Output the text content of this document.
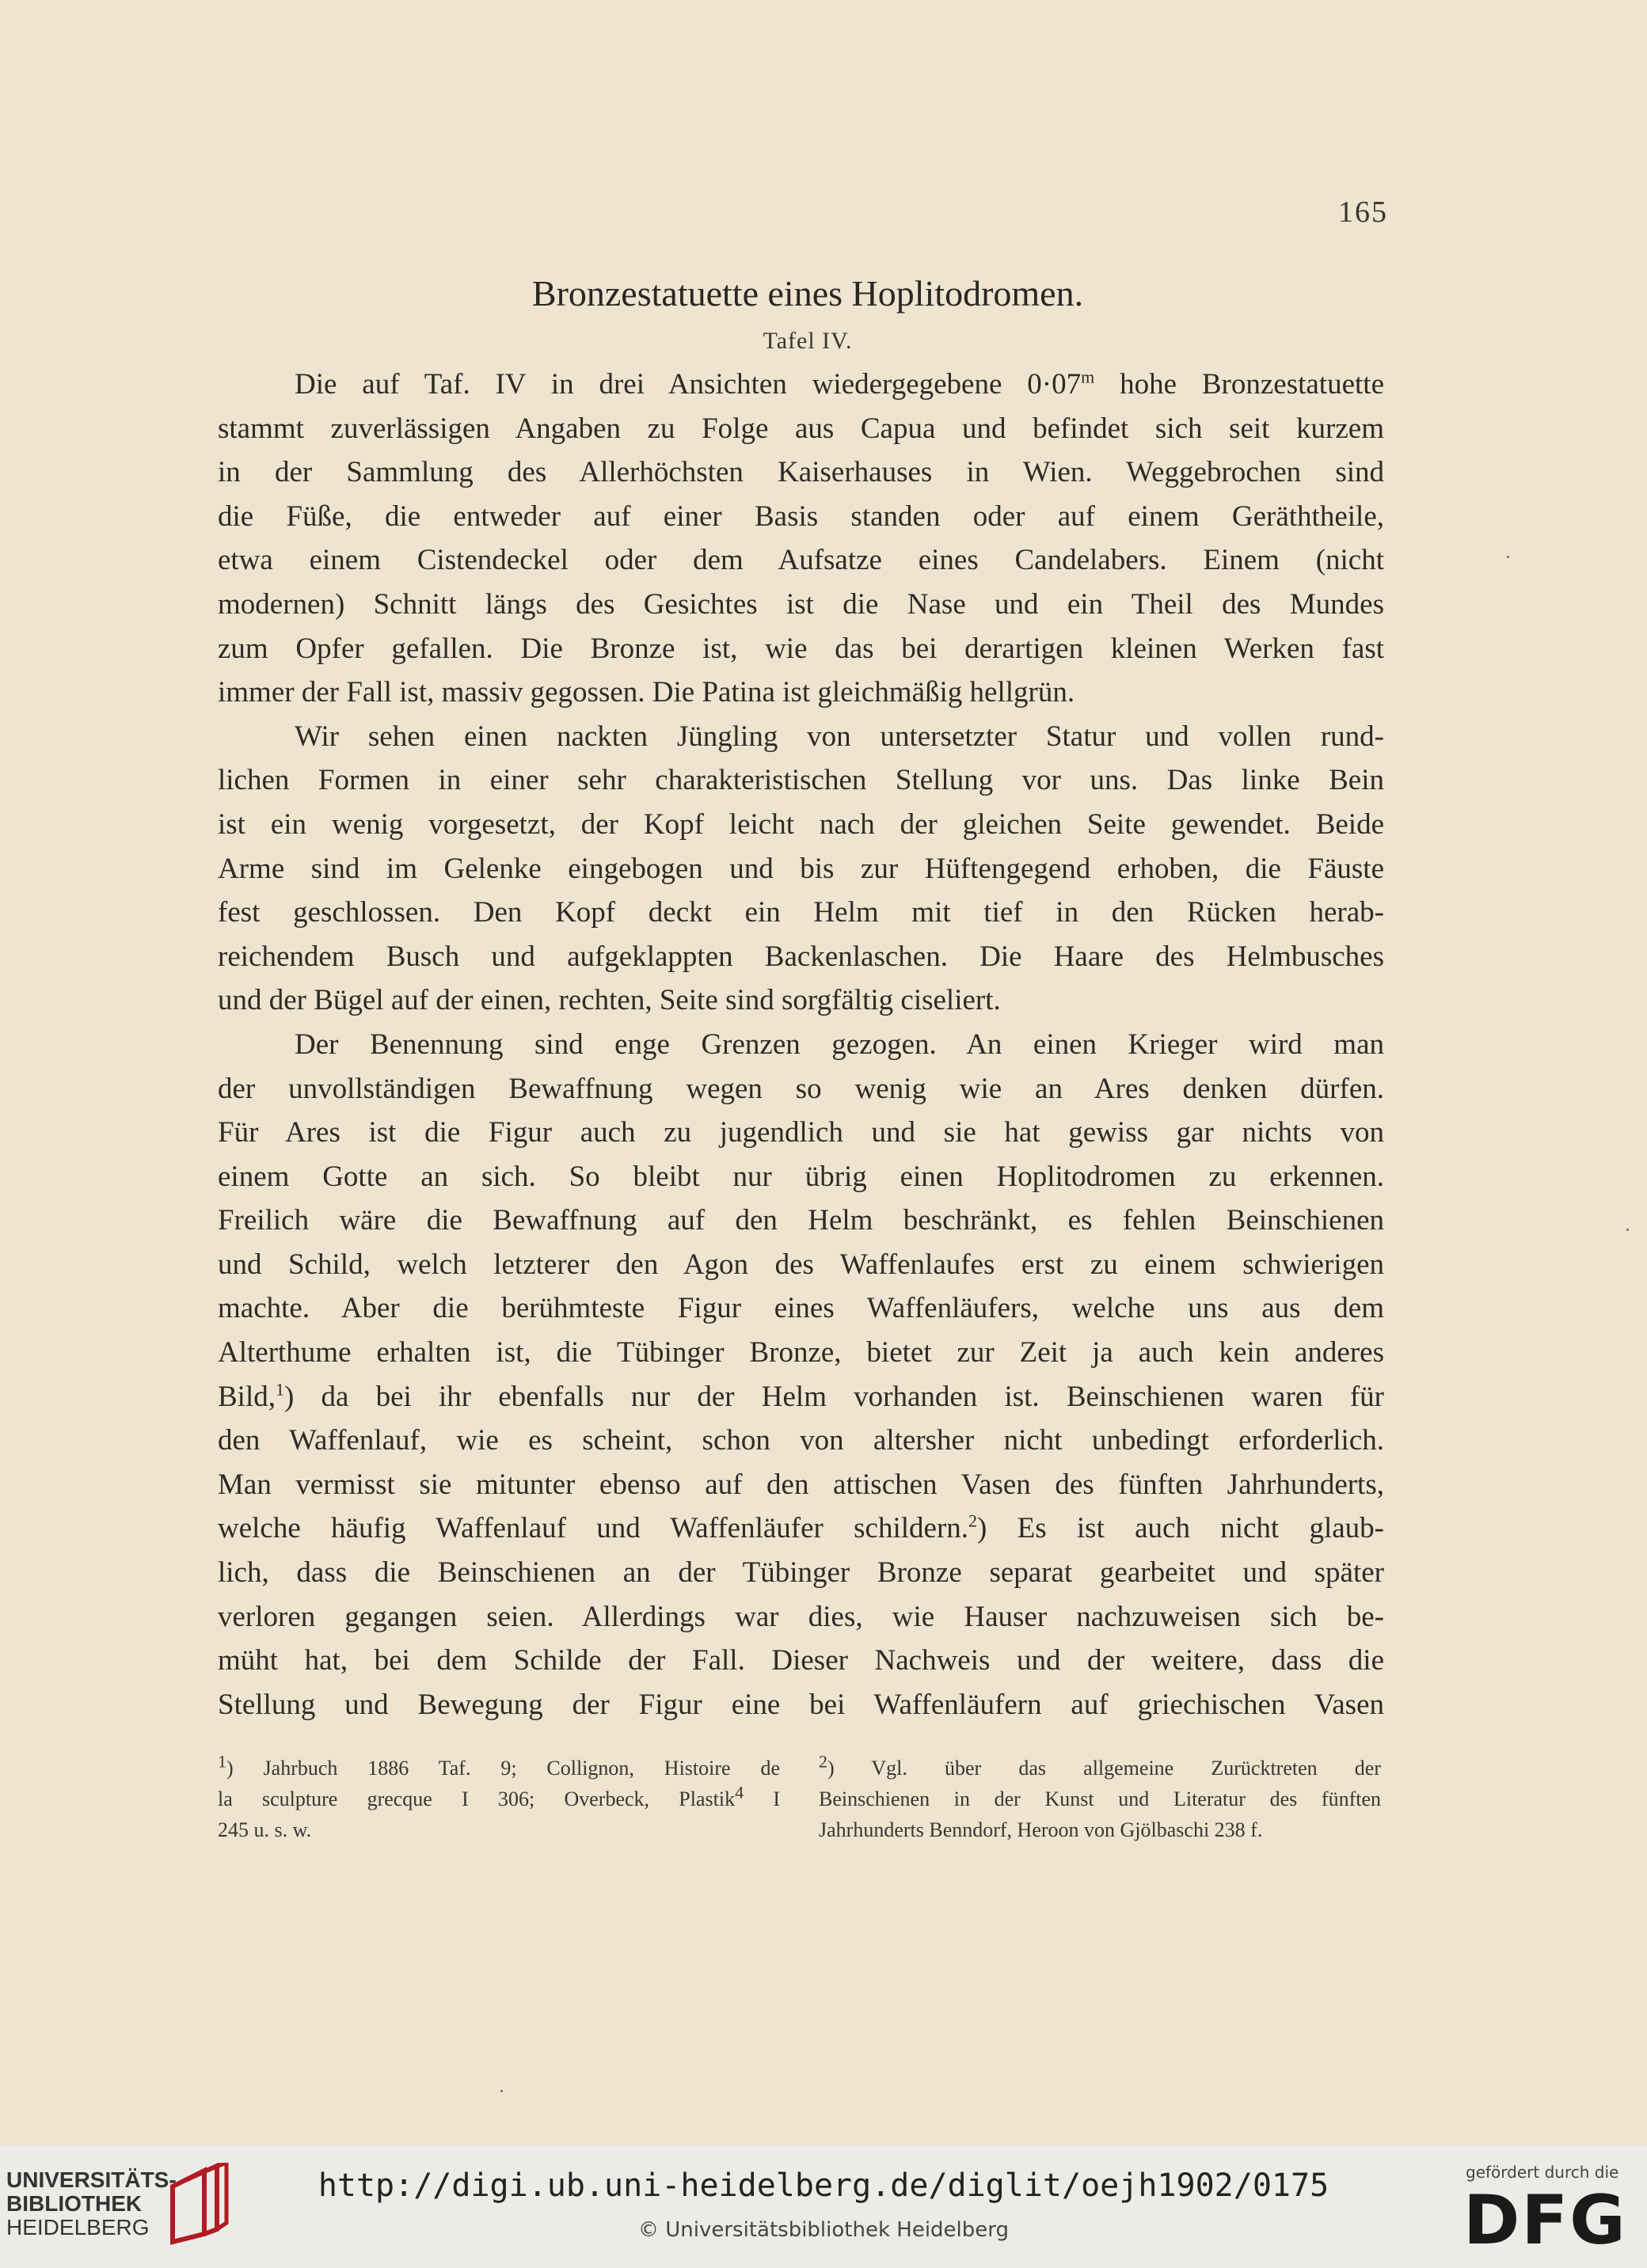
165
Bronzestatuette eines Hoplitodromen.
Tafel IV.
Die auf Taf. IV in drei Ansichten wiedergegebene $0\cdot 07^m$ hohe Bronzestatuette
stammt zuverlässigen Angaben zu Folge aus Capua und befindet sich seit kurzem
in der Sammlung des Allerhöchsten Kaiserhauses in Wien. Weggebrochen sind
die Füße, die entweder auf einer Basis standen oder auf einem Geräththeile,
etwa einem Cistendeckel oder dem Aufsatze eines Candelabers. Einem (nicht
modernen) Schnitt längs des Gesichtes ist die Nase und ein Theil des Mundes
zum Opfer gefallen. Die Bronze ist, wie das bei derartigen kleinen Werken fast
immer der Fall ist, massiv gegossen. Die Patina ist gleichmäßig hellgrün.
Wir sehen einen nackten Jüngling von untersetzter Statur und vollen rund-
lichen Formen in einer sehr charakteristischen Stellung vor uns. Das linke Bein
ist ein wenig vorgesetzt, der Kopf leicht nach der gleichen Seite gewendet. Beide
Arme sind im Gelenke eingebogen und bis zur Hüftengegend erhoben, die Fäuste
fest geschlossen. Den Kopf deckt ein Helm mit tief in den Rücken herab-
reichendem Busch und aufgeklappten Backenlaschen. Die Haare des Helmbusches
und der Bügel auf der einen, rechten, Seite sind sorgfältig ciseliert.
Der Benennung sind enge Grenzen gezogen. An einen Krieger wird man
der unvollständigen Bewaffnung wegen so wenig wie an Ares denken dürfen.
Für Ares ist die Figur auch zu jugendlich und sie hat gewiss gar nichts von
einem Gotte an sich. So bleibt nur übrig einen Hoplitodromen zu erkennen.
Freilich wäre die Bewaffnung auf den Helm beschränkt, es fehlen Beinschienen
und Schild, welch letzterer den Agon des Waffenlaufes erst zu einem schwierigen
machte. Aber die berühmteste Figur eines Waffenläufers, welche uns aus dem
Alterthume erhalten ist, die Tübinger Bronze, bietet zur Zeit ja auch kein anderes
Bild,$^1$) da bei ihr ebenfalls nur der Helm vorhanden ist. Beinschienen waren für
den Waffenlauf, wie es scheint, schon von altersher nicht unbedingt erforderlich.
Man vermisst sie mitunter ebenso auf den attischen Vasen des fünften Jahrhunderts,
welche häufig Waffenlauf und Waffenläufer schildern.$^2$) Es ist auch nicht glaub-
lich, dass die Beinschienen an der Tübinger Bronze separat gearbeitet und später
verloren gegangen seien. Allerdings war dies, wie Hauser nachzuweisen sich be-
müht hat, bei dem Schilde der Fall. Dieser Nachweis und der weitere, dass die
Stellung und Bewegung der Figur eine bei Waffenläufern auf griechischen Vasen
$^1$) Jahrbuch 1886 Taf. 9; Collignon, Histoire de
la sculpture grecque I 306; Overbeck, Plastik$^4$ I
245 u. s. w.
$^2$) Vgl. über das allgemeine Zurücktreten der
Beinschienen in der Kunst und Literatur des fünften
Jahrhunderts Benndorf, Heroon von Gjölbaschi 238 f.
UNIVERSITÄTS-
BIBLIOTHEK
HEIDELBERG
http://digi.ub.uni-heidelberg.de/diglit/oejh1902/0175
© Universitätsbibliothek Heidelberg
gefördert durch die
DFG
